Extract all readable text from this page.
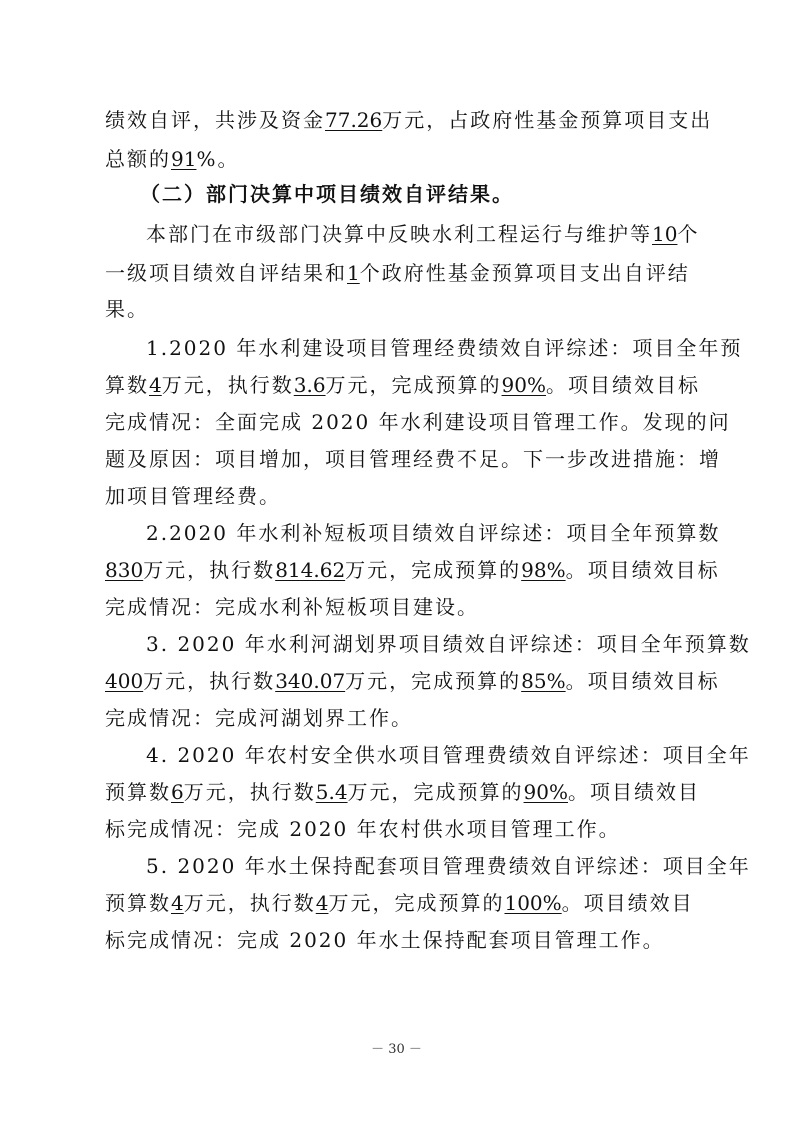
绩效自评，共涉及资金77.26万元，占政府性基金预算项目支出
总额的91%。
（二）部门决算中项目绩效自评结果。
本部门在市级部门决算中反映水利工程运行与维护等10个
一级项目绩效自评结果和1个政府性基金预算项目支出自评结
果。
1.2020 年水利建设项目管理经费绩效自评综述：项目全年预
算数4万元，执行数3.6万元，完成预算的90%。项目绩效目标
完成情况：全面完成 2020 年水利建设项目管理工作。发现的问
题及原因：项目增加，项目管理经费不足。下一步改进措施：增
加项目管理经费。
2.2020 年水利补短板项目绩效自评综述：项目全年预算数
830万元，执行数814.62万元，完成预算的98%。项目绩效目标
完成情况：完成水利补短板项目建设。
3. 2020 年水利河湖划界项目绩效自评综述：项目全年预算数
400万元，执行数340.07万元，完成预算的85%。项目绩效目标
完成情况：完成河湖划界工作。
4. 2020 年农村安全供水项目管理费绩效自评综述：项目全年
预算数6万元，执行数5.4万元，完成预算的90%。项目绩效目
标完成情况：完成 2020 年农村供水项目管理工作。
5. 2020 年水土保持配套项目管理费绩效自评综述：项目全年
预算数4万元，执行数4万元，完成预算的100%。项目绩效目
标完成情况：完成 2020 年水土保持配套项目管理工作。
－ 30 －
